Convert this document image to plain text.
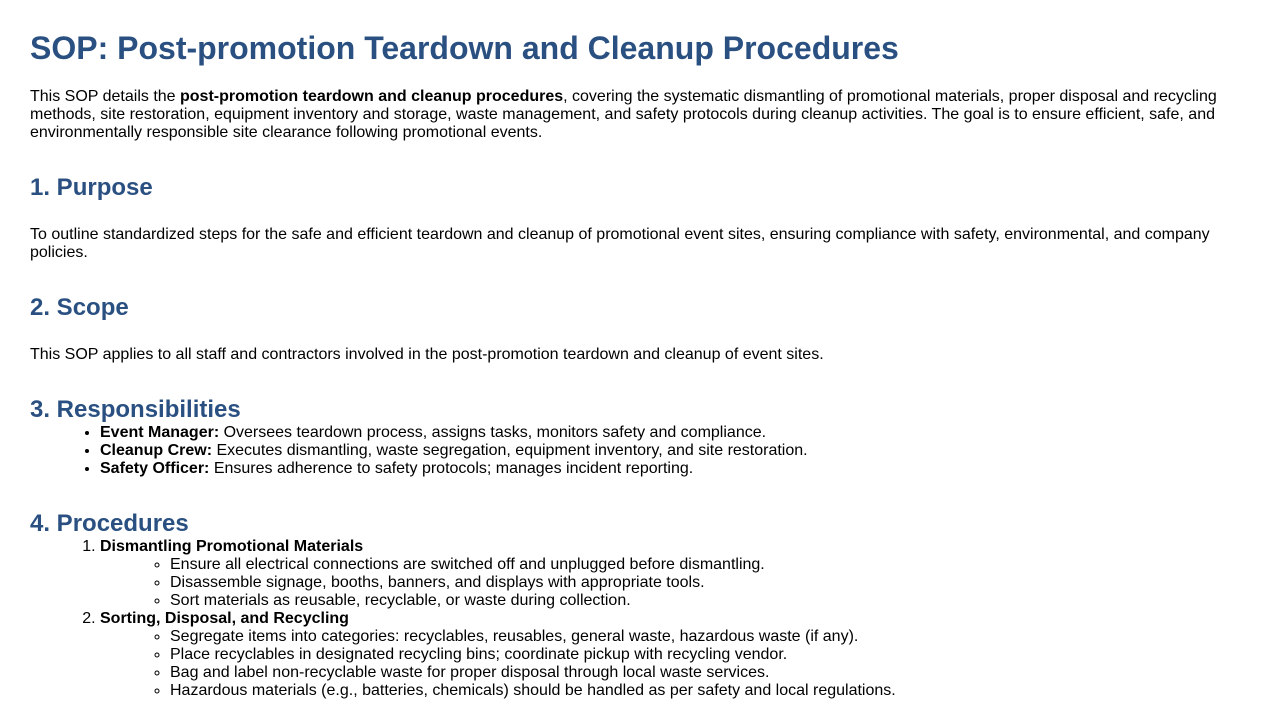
SOP: Post-promotion Teardown and Cleanup Procedures

This SOP details the post-promotion teardown and cleanup procedures, covering the systematic dismantling of promotional materials, proper disposal and recycling methods, site restoration, equipment inventory and storage, waste management, and safety protocols during cleanup activities. The goal is to ensure efficient, safe, and environmentally responsible site clearance following promotional events.

1. Purpose

To outline standardized steps for the safe and efficient teardown and cleanup of promotional event sites, ensuring compliance with safety, environmental, and company policies.

2. Scope

This SOP applies to all staff and contractors involved in the post-promotion teardown and cleanup of event sites.

3. Responsibilities
• Event Manager: Oversees teardown process, assigns tasks, monitors safety and compliance.
• Cleanup Crew: Executes dismantling, waste segregation, equipment inventory, and site restoration.
• Safety Officer: Ensures adherence to safety protocols; manages incident reporting.
4. Procedures
1. Dismantling Promotional Materials
◦ Ensure all electrical connections are switched off and unplugged before dismantling.
◦ Disassemble signage, booths, banners, and displays with appropriate tools.
◦ Sort materials as reusable, recyclable, or waste during collection.
2. Sorting, Disposal, and Recycling
◦ Segregate items into categories: recyclables, reusables, general waste, hazardous waste (if any).
◦ Place recyclables in designated recycling bins; coordinate pickup with recycling vendor.
◦ Bag and label non-recyclable waste for proper disposal through local waste services.
◦ Hazardous materials (e.g., batteries, chemicals) should be handled as per safety and local regulations.
